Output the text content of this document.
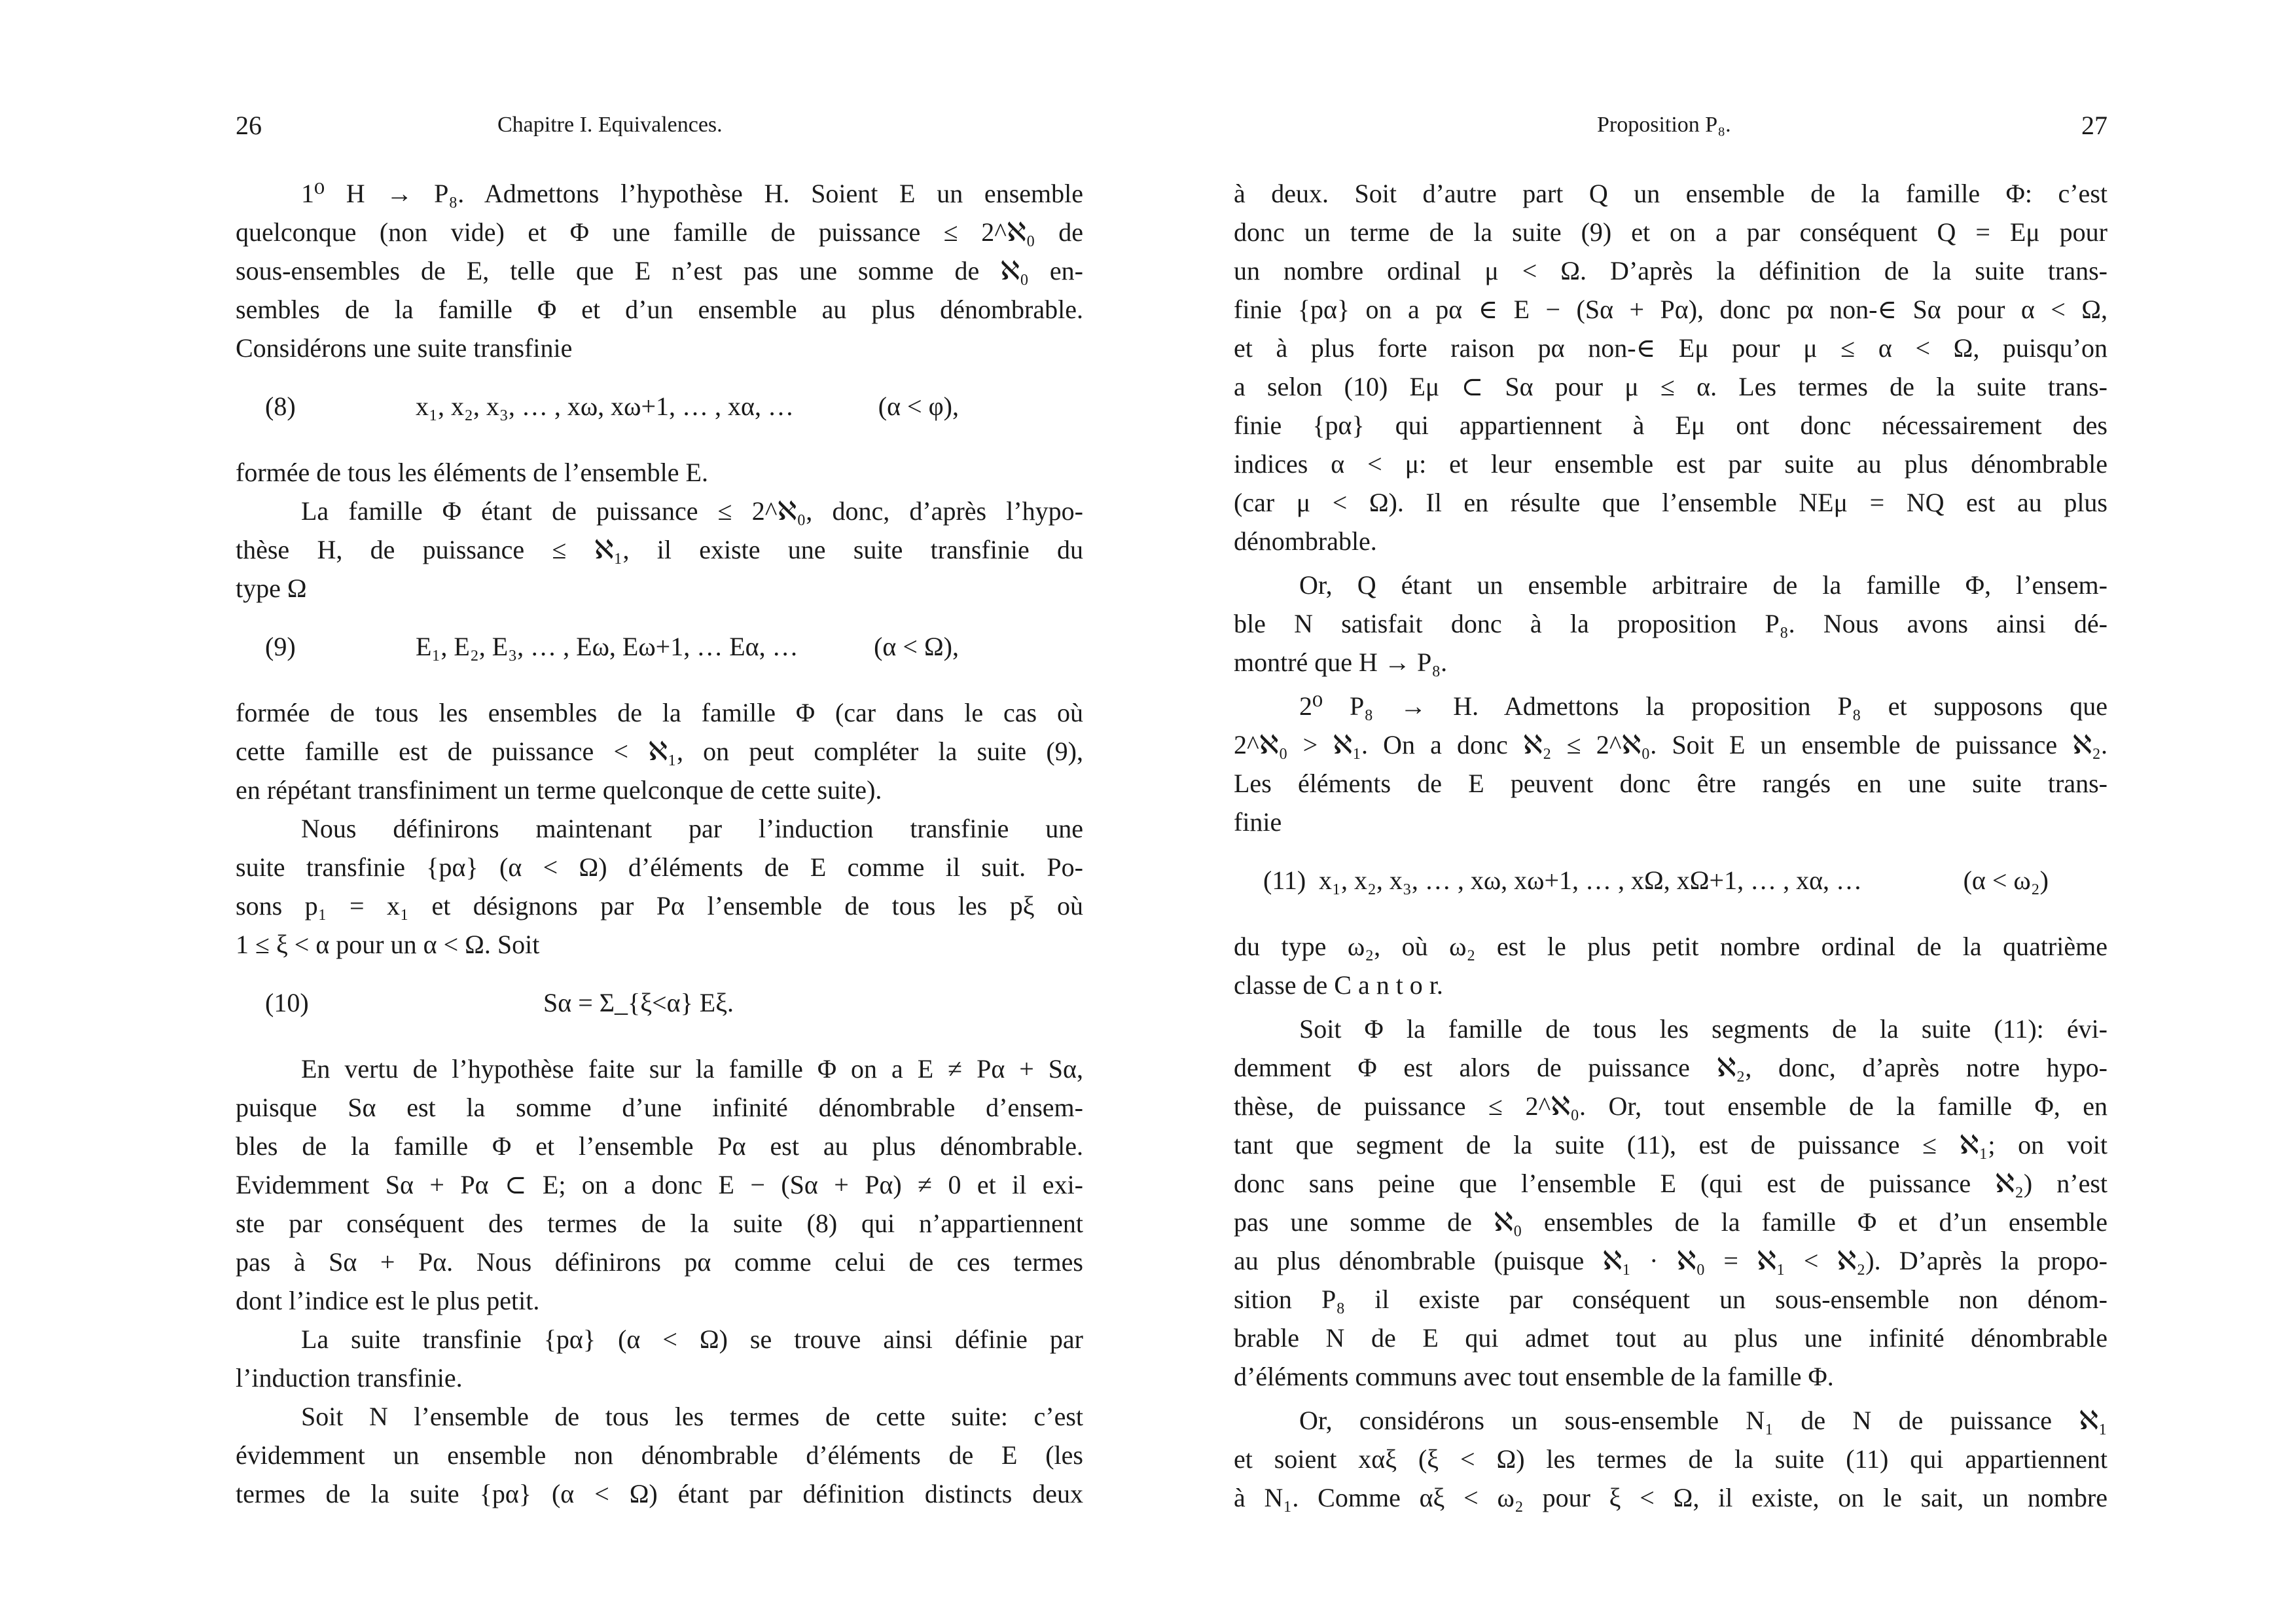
26	Chapitre I. Equivalences.
1⁰ H → P₈. Admettons l’hypothèse H. Soient E un ensemble
quelconque (non vide) et Φ une famille de puissance ≤ 2^ℵ₀ de
sous-ensembles de E, telle que E n’est pas une somme de ℵ₀ en-
sembles de la famille Φ et d’un ensemble au plus dénombrable.
Considérons une suite transfinie
(8)	x₁, x₂, x₃, … , xω, xω+1, … , xα, …	(α < φ),
formée de tous les éléments de l’ensemble E.
La famille Φ étant de puissance ≤ 2^ℵ₀, donc, d’après l’hypo-
thèse H, de puissance ≤ ℵ₁, il existe une suite transfinie du
type Ω
(9)	E₁, E₂, E₃, … , Eω, Eω+1, … Eα, …	(α < Ω),
formée de tous les ensembles de la famille Φ (car dans le cas où
cette famille est de puissance < ℵ₁, on peut compléter la suite (9),
en répétant transfiniment un terme quelconque de cette suite).
Nous définirons maintenant par l’induction transfinie une
suite transfinie {pα} (α < Ω) d’éléments de E comme il suit. Po-
sons p₁ = x₁ et désignons par Pα l’ensemble de tous les pξ où
1 ≤ ξ < α pour un α < Ω. Soit
(10)	Sα = Σ_{ξ<α} Eξ.
En vertu de l’hypothèse faite sur la famille Φ on a E ≠ Pα + Sα,
puisque Sα est la somme d’une infinité dénombrable d’ensem-
bles de la famille Φ et l’ensemble Pα est au plus dénombrable.
Evidemment Sα + Pα ⊂ E; on a donc E − (Sα + Pα) ≠ 0 et il exi-
ste par conséquent des termes de la suite (8) qui n’appartiennent
pas à Sα + Pα. Nous définirons pα comme celui de ces termes
dont l’indice est le plus petit.
La suite transfinie {pα} (α < Ω) se trouve ainsi définie par
l’induction transfinie.
Soit N l’ensemble de tous les termes de cette suite: c’est
évidemment un ensemble non dénombrable d’éléments de E (les
termes de la suite {pα} (α < Ω) étant par définition distincts deux
Proposition P₈.	27
à deux. Soit d’autre part Q un ensemble de la famille Φ: c’est
donc un terme de la suite (9) et on a par conséquent Q = Eμ pour
un nombre ordinal μ < Ω. D’après la définition de la suite trans-
finie {pα} on a pα ∈ E − (Sα + Pα), donc pα non-∈ Sα pour α < Ω,
et à plus forte raison pα non-∈ Eμ pour μ ≤ α < Ω, puisqu’on
a selon (10) Eμ ⊂ Sα pour μ ≤ α. Les termes de la suite trans-
finie {pα} qui appartiennent à Eμ ont donc nécessairement des
indices α < μ: et leur ensemble est par suite au plus dénombrable
(car μ < Ω). Il en résulte que l’ensemble NEμ = NQ est au plus
dénombrable.
Or, Q étant un ensemble arbitraire de la famille Φ, l’ensem-
ble N satisfait donc à la proposition P₈. Nous avons ainsi dé-
montré que H → P₈.
2⁰ P₈ → H. Admettons la proposition P₈ et supposons que
2^ℵ₀ > ℵ₁. On a donc ℵ₂ ≤ 2^ℵ₀. Soit E un ensemble de puissance ℵ₂.
Les éléments de E peuvent donc être rangés en une suite trans-
finie
(11) x₁, x₂, x₃, … , xω, xω+1, … , xΩ, xΩ+1, … , xα, …	(α < ω₂)
du type ω₂, où ω₂ est le plus petit nombre ordinal de la quatrième
classe de C a n t o r.
Soit Φ la famille de tous les segments de la suite (11): évi-
demment Φ est alors de puissance ℵ₂, donc, d’après notre hypo-
thèse, de puissance ≤ 2^ℵ₀. Or, tout ensemble de la famille Φ, en
tant que segment de la suite (11), est de puissance ≤ ℵ₁; on voit
donc sans peine que l’ensemble E (qui est de puissance ℵ₂) n’est
pas une somme de ℵ₀ ensembles de la famille Φ et d’un ensemble
au plus dénombrable (puisque ℵ₁ · ℵ₀ = ℵ₁ < ℵ₂). D’après la propo-
sition P₈ il existe par conséquent un sous-ensemble non dénom-
brable N de E qui admet tout au plus une infinité dénombrable
d’éléments communs avec tout ensemble de la famille Φ.
Or, considérons un sous-ensemble N₁ de N de puissance ℵ₁
et soient xαξ (ξ < Ω) les termes de la suite (11) qui appartiennent
à N₁. Comme αξ < ω₂ pour ξ < Ω, il existe, on le sait, un nombre
